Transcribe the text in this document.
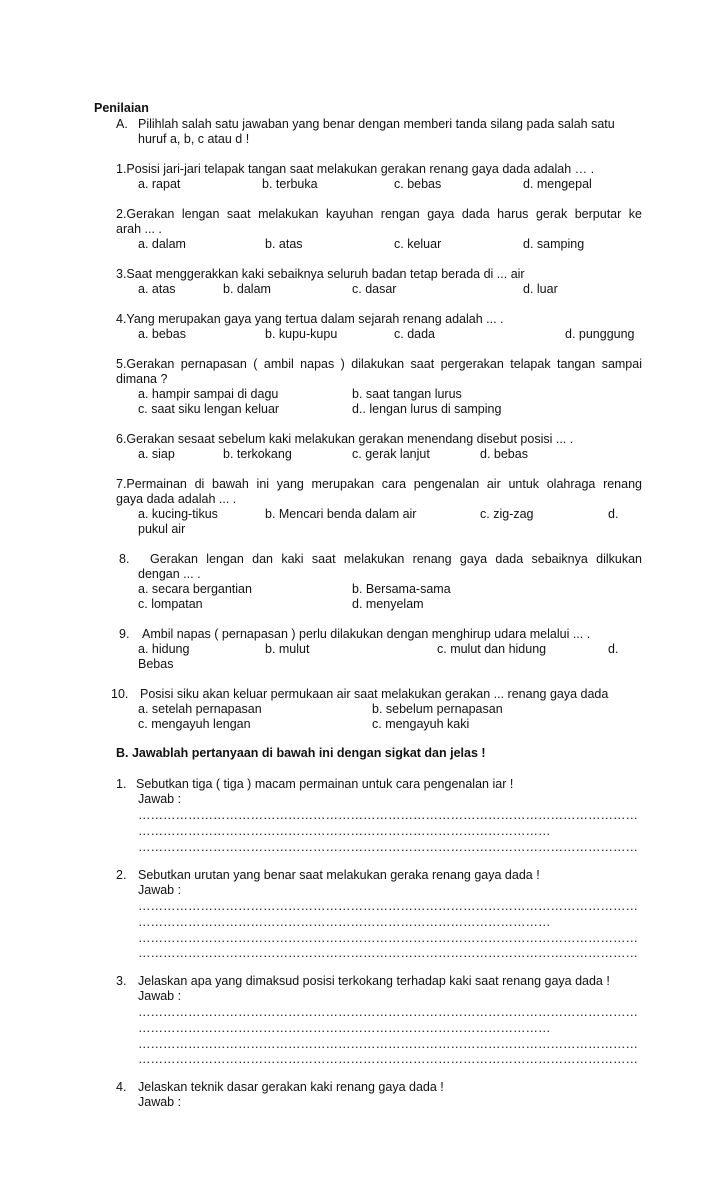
Penilaian
A. Pilihlah salah satu jawaban yang benar dengan memberi tanda silang pada salah satu
huruf a, b, c atau d !
1.Posisi jari-jari telapak tangan saat melakukan gerakan renang gaya dada adalah … .
a. rapat	b. terbuka	c. bebas	d. mengepal
2.Gerakan lengan saat melakukan kayuhan rengan gaya dada harus gerak berputar ke
arah ... .
a. dalam	b. atas	c. keluar	d. samping
3.Saat menggerakkan kaki sebaiknya seluruh badan tetap berada di ... air
a. atas	b. dalam	c. dasar	d. luar
4.Yang merupakan gaya yang tertua dalam sejarah renang adalah ... .
a. bebas	b. kupu-kupu	c. dada	d. punggung
5.Gerakan pernapasan ( ambil napas ) dilakukan saat pergerakan telapak tangan sampai
dimana ?
a. hampir sampai di dagu	b. saat tangan lurus
c. saat siku lengan keluar	d.. lengan lurus di samping
6.Gerakan sesaat sebelum kaki melakukan gerakan menendang disebut posisi ... .
a. siap	b. terkokang	c. gerak lanjut	d. bebas
7.Permainan di bawah ini yang merupakan cara pengenalan air untuk olahraga renang
gaya dada adalah ... .
a. kucing-tikus	b. Mencari benda dalam air	c. zig-zag	d.
pukul air
8. Gerakan lengan dan kaki saat melakukan renang gaya dada sebaiknya dilkukan
dengan ... .
a. secara bergantian	b. Bersama-sama
c. lompatan	d. menyelam
9. Ambil napas ( pernapasan ) perlu dilakukan dengan menghirup udara melalui ... .
a. hidung	b. mulut	c. mulut dan hidung	d.
Bebas
10. Posisi siku akan keluar permukaan air saat melakukan gerakan ... renang gaya dada
a. setelah pernapasan	b. sebelum pernapasan
c. mengayuh lengan	c. mengayuh kaki
B. Jawablah pertanyaan di bawah ini dengan sigkat dan jelas !
1. Sebutkan tiga ( tiga ) macam permainan untuk cara pengenalan iar !
Jawab :
…………………………………………………………………………………………………………
………………………………………………………………………………………
…………………………………………………………………………………………………………
2. Sebutkan urutan yang benar saat melakukan geraka renang gaya dada !
Jawab :
…………………………………………………………………………………………………………
………………………………………………………………………………………
…………………………………………………………………………………………………………
…………………………………………………………………………………………………………
3. Jelaskan apa yang dimaksud posisi terkokang terhadap kaki saat renang gaya dada !
Jawab :
…………………………………………………………………………………………………………
………………………………………………………………………………………
…………………………………………………………………………………………………………
…………………………………………………………………………………………………………
4. Jelaskan teknik dasar gerakan kaki renang gaya dada !
Jawab :
